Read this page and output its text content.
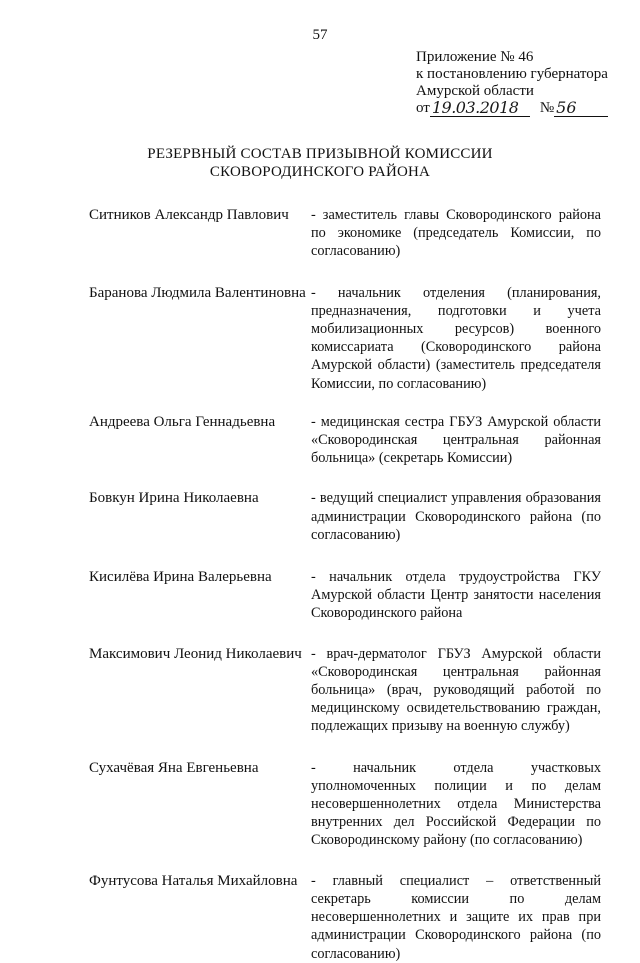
57
Приложение № 46
к постановлению губернатора
Амурской области
от 19.03.2018	№ 56
РЕЗЕРВНЫЙ СОСТАВ ПРИЗЫВНОЙ КОМИССИИ
СКОВОРОДИНСКОГО РАЙОНА
Ситников Александр Павлович	- заместитель главы Сковородинского района по экономике (председатель Комиссии, по согласованию)
Баранова Людмила Валентиновна - начальник отделения (планирования, предназначения, подготовки и учета мобилизационных ресурсов) военного комиссариата (Сковородинского района Амурской области) (заместитель председателя Комиссии, по согласованию)
Андреева Ольга Геннадьевна	- медицинская сестра ГБУЗ Амурской области «Сковородинская центральная районная больница» (секретарь Комиссии)
Бовкун Ирина Николаевна	- ведущий специалист управления образования администрации Сковородинского района (по согласованию)
Кисилёва Ирина Валерьевна	- начальник отдела трудоустройства ГКУ Амурской области Центр занятости населения Сковородинского района
Максимович Леонид Николаевич - врач-дерматолог ГБУЗ Амурской области «Сковородинская центральная районная больница» (врач, руководящий работой по медицинскому освидетельствованию граждан, подлежащих призыву на военную службу)
Сухачёвая Яна Евгеньевна	- начальник отдела участковых уполномоченных полиции и по делам несовершеннолетних отдела Министерства внутренних дел Российской Федерации по Сковородинскому району (по согласованию)
Фунтусова Наталья Михайловна - главный специалист – ответственный секретарь комиссии по делам несовершеннолетних и защите их прав при администрации Сковородинского района (по согласованию)
